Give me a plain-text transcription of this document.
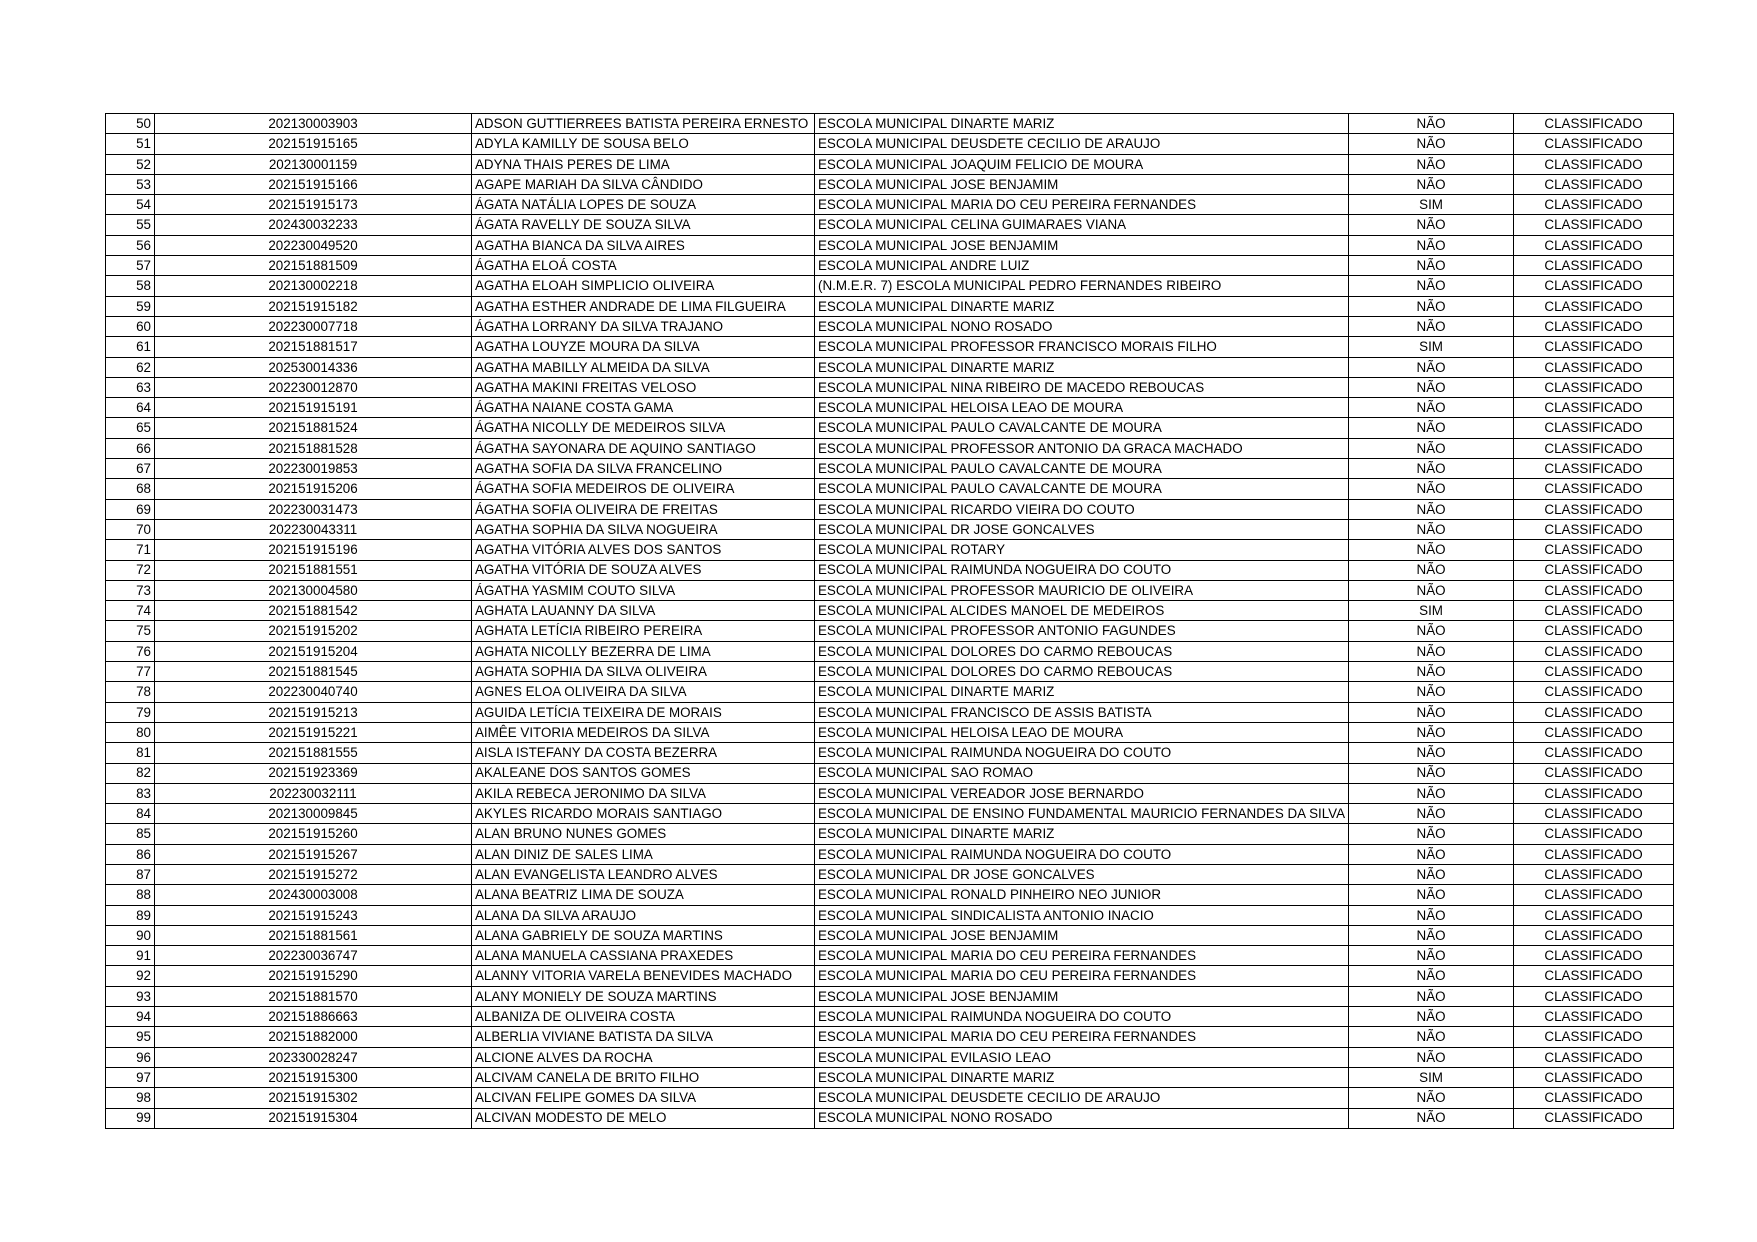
50	202130003903	ADSON GUTTIERREES BATISTA PEREIRA ERNESTO	ESCOLA MUNICIPAL DINARTE MARIZ	NÃO	CLASSIFICADO
51	202151915165	ADYLA KAMILLY DE SOUSA BELO	ESCOLA MUNICIPAL DEUSDETE CECILIO DE ARAUJO	NÃO	CLASSIFICADO
52	202130001159	ADYNA THAIS PERES DE LIMA	ESCOLA MUNICIPAL JOAQUIM FELICIO DE MOURA	NÃO	CLASSIFICADO
53	202151915166	AGAPE MARIAH DA SILVA CÂNDIDO	ESCOLA MUNICIPAL JOSE BENJAMIM	NÃO	CLASSIFICADO
54	202151915173	ÁGATA NATÁLIA LOPES DE SOUZA	ESCOLA MUNICIPAL MARIA DO CEU PEREIRA FERNANDES	SIM	CLASSIFICADO
55	202430032233	ÁGATA RAVELLY DE SOUZA SILVA	ESCOLA MUNICIPAL CELINA GUIMARAES VIANA	NÃO	CLASSIFICADO
56	202230049520	AGATHA BIANCA DA SILVA AIRES	ESCOLA MUNICIPAL JOSE BENJAMIM	NÃO	CLASSIFICADO
57	202151881509	ÁGATHA ELOÁ COSTA	ESCOLA MUNICIPAL ANDRE LUIZ	NÃO	CLASSIFICADO
58	202130002218	AGATHA ELOAH SIMPLICIO OLIVEIRA	(N.M.E.R. 7) ESCOLA MUNICIPAL PEDRO FERNANDES RIBEIRO	NÃO	CLASSIFICADO
59	202151915182	AGATHA ESTHER ANDRADE DE LIMA FILGUEIRA	ESCOLA MUNICIPAL DINARTE MARIZ	NÃO	CLASSIFICADO
60	202230007718	ÁGATHA LORRANY DA SILVA TRAJANO	ESCOLA MUNICIPAL NONO ROSADO	NÃO	CLASSIFICADO
61	202151881517	AGATHA LOUYZE MOURA DA SILVA	ESCOLA MUNICIPAL PROFESSOR FRANCISCO MORAIS FILHO	SIM	CLASSIFICADO
62	202530014336	AGATHA MABILLY ALMEIDA DA SILVA	ESCOLA MUNICIPAL DINARTE MARIZ	NÃO	CLASSIFICADO
63	202230012870	AGATHA MAKINI FREITAS VELOSO	ESCOLA MUNICIPAL NINA RIBEIRO DE MACEDO REBOUCAS	NÃO	CLASSIFICADO
64	202151915191	ÁGATHA NAIANE COSTA GAMA	ESCOLA MUNICIPAL HELOISA LEAO DE MOURA	NÃO	CLASSIFICADO
65	202151881524	ÁGATHA NICOLLY DE MEDEIROS SILVA	ESCOLA MUNICIPAL PAULO CAVALCANTE DE MOURA	NÃO	CLASSIFICADO
66	202151881528	ÁGATHA SAYONARA DE AQUINO SANTIAGO	ESCOLA MUNICIPAL PROFESSOR ANTONIO DA GRACA MACHADO	NÃO	CLASSIFICADO
67	202230019853	AGATHA SOFIA DA SILVA FRANCELINO	ESCOLA MUNICIPAL PAULO CAVALCANTE DE MOURA	NÃO	CLASSIFICADO
68	202151915206	ÁGATHA SOFIA MEDEIROS DE OLIVEIRA	ESCOLA MUNICIPAL PAULO CAVALCANTE DE MOURA	NÃO	CLASSIFICADO
69	202230031473	ÁGATHA SOFIA OLIVEIRA DE FREITAS	ESCOLA MUNICIPAL RICARDO VIEIRA DO COUTO	NÃO	CLASSIFICADO
70	202230043311	AGATHA SOPHIA DA SILVA NOGUEIRA	ESCOLA MUNICIPAL DR JOSE GONCALVES	NÃO	CLASSIFICADO
71	202151915196	AGATHA VITÓRIA ALVES DOS SANTOS	ESCOLA MUNICIPAL ROTARY	NÃO	CLASSIFICADO
72	202151881551	AGATHA VITÓRIA DE SOUZA ALVES	ESCOLA MUNICIPAL RAIMUNDA NOGUEIRA DO COUTO	NÃO	CLASSIFICADO
73	202130004580	ÁGATHA YASMIM COUTO SILVA	ESCOLA MUNICIPAL PROFESSOR MAURICIO DE OLIVEIRA	NÃO	CLASSIFICADO
74	202151881542	AGHATA LAUANNY DA SILVA	ESCOLA MUNICIPAL ALCIDES MANOEL DE MEDEIROS	SIM	CLASSIFICADO
75	202151915202	AGHATA LETÍCIA RIBEIRO PEREIRA	ESCOLA MUNICIPAL PROFESSOR ANTONIO FAGUNDES	NÃO	CLASSIFICADO
76	202151915204	AGHATA NICOLLY BEZERRA DE LIMA	ESCOLA MUNICIPAL DOLORES DO CARMO REBOUCAS	NÃO	CLASSIFICADO
77	202151881545	AGHATA SOPHIA DA SILVA OLIVEIRA	ESCOLA MUNICIPAL DOLORES DO CARMO REBOUCAS	NÃO	CLASSIFICADO
78	202230040740	AGNES ELOA OLIVEIRA DA SILVA	ESCOLA MUNICIPAL DINARTE MARIZ	NÃO	CLASSIFICADO
79	202151915213	AGUIDA LETÍCIA TEIXEIRA DE MORAIS	ESCOLA MUNICIPAL FRANCISCO DE ASSIS BATISTA	NÃO	CLASSIFICADO
80	202151915221	AIMÊE VITORIA MEDEIROS DA SILVA	ESCOLA MUNICIPAL HELOISA LEAO DE MOURA	NÃO	CLASSIFICADO
81	202151881555	AISLA ISTEFANY DA COSTA BEZERRA	ESCOLA MUNICIPAL RAIMUNDA NOGUEIRA DO COUTO	NÃO	CLASSIFICADO
82	202151923369	AKALEANE DOS SANTOS GOMES	ESCOLA MUNICIPAL SAO ROMAO	NÃO	CLASSIFICADO
83	202230032111	AKILA REBECA JERONIMO DA SILVA	ESCOLA MUNICIPAL VEREADOR JOSE BERNARDO	NÃO	CLASSIFICADO
84	202130009845	AKYLES RICARDO MORAIS SANTIAGO	ESCOLA MUNICIPAL DE ENSINO FUNDAMENTAL MAURICIO FERNANDES DA SILVA	NÃO	CLASSIFICADO
85	202151915260	ALAN BRUNO NUNES GOMES	ESCOLA MUNICIPAL DINARTE MARIZ	NÃO	CLASSIFICADO
86	202151915267	ALAN DINIZ DE SALES LIMA	ESCOLA MUNICIPAL RAIMUNDA NOGUEIRA DO COUTO	NÃO	CLASSIFICADO
87	202151915272	ALAN EVANGELISTA LEANDRO ALVES	ESCOLA MUNICIPAL DR JOSE GONCALVES	NÃO	CLASSIFICADO
88	202430003008	ALANA BEATRIZ LIMA DE SOUZA	ESCOLA MUNICIPAL RONALD PINHEIRO NEO JUNIOR	NÃO	CLASSIFICADO
89	202151915243	ALANA DA SILVA ARAUJO	ESCOLA MUNICIPAL SINDICALISTA ANTONIO INACIO	NÃO	CLASSIFICADO
90	202151881561	ALANA GABRIELY DE SOUZA MARTINS	ESCOLA MUNICIPAL JOSE BENJAMIM	NÃO	CLASSIFICADO
91	202230036747	ALANA MANUELA CASSIANA PRAXEDES	ESCOLA MUNICIPAL MARIA DO CEU PEREIRA FERNANDES	NÃO	CLASSIFICADO
92	202151915290	ALANNY VITORIA VARELA BENEVIDES MACHADO	ESCOLA MUNICIPAL MARIA DO CEU PEREIRA FERNANDES	NÃO	CLASSIFICADO
93	202151881570	ALANY MONIELY DE SOUZA MARTINS	ESCOLA MUNICIPAL JOSE BENJAMIM	NÃO	CLASSIFICADO
94	202151886663	ALBANIZA DE OLIVEIRA COSTA	ESCOLA MUNICIPAL RAIMUNDA NOGUEIRA DO COUTO	NÃO	CLASSIFICADO
95	202151882000	ALBERLIA VIVIANE BATISTA DA SILVA	ESCOLA MUNICIPAL MARIA DO CEU PEREIRA FERNANDES	NÃO	CLASSIFICADO
96	202330028247	ALCIONE ALVES DA ROCHA	ESCOLA MUNICIPAL EVILASIO LEAO	NÃO	CLASSIFICADO
97	202151915300	ALCIVAM CANELA DE BRITO FILHO	ESCOLA MUNICIPAL DINARTE MARIZ	SIM	CLASSIFICADO
98	202151915302	ALCIVAN FELIPE GOMES DA SILVA	ESCOLA MUNICIPAL DEUSDETE CECILIO DE ARAUJO	NÃO	CLASSIFICADO
99	202151915304	ALCIVAN MODESTO DE MELO	ESCOLA MUNICIPAL NONO ROSADO	NÃO	CLASSIFICADO
